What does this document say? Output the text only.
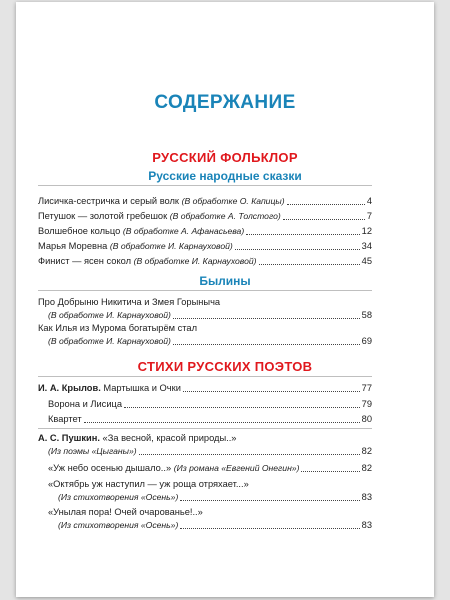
СОДЕРЖАНИЕ
РУССКИЙ ФОЛЬКЛОР
Русские народные сказки
Лисичка-сестричка и серый волк (В обработке О. Капицы)	4
Петушок — золотой гребешок (В обработке А. Толстого)	7
Волшебное кольцо (В обработке А. Афанасьева)	12
Марья Моревна (В обработке И. Карнауховой)	34
Финист — ясен сокол (В обработке И. Карнауховой)	45
Былины
Про Добрыню Никитича и Змея Горыныча
(В обработке И. Карнауховой)	58
Как Илья из Мурома богатырём стал
(В обработке И. Карнауховой)	69
СТИХИ РУССКИХ ПОЭТОВ
И. А. Крылов. Мартышка и Очки	77
Ворона и Лисица	79
Квартет	80
А. С. Пушкин. «За весной, красой природы..»
(Из поэмы «Цыганы»)	82
«Уж небо осенью дышало..» (Из романа «Евгений Онегин»)	82
«Октябрь уж наступил — уж роща отряхает...»
(Из стихотворения «Осень»)	83
«Унылая пора! Очей очарованье!..»
(Из стихотворения «Осень»)	83
